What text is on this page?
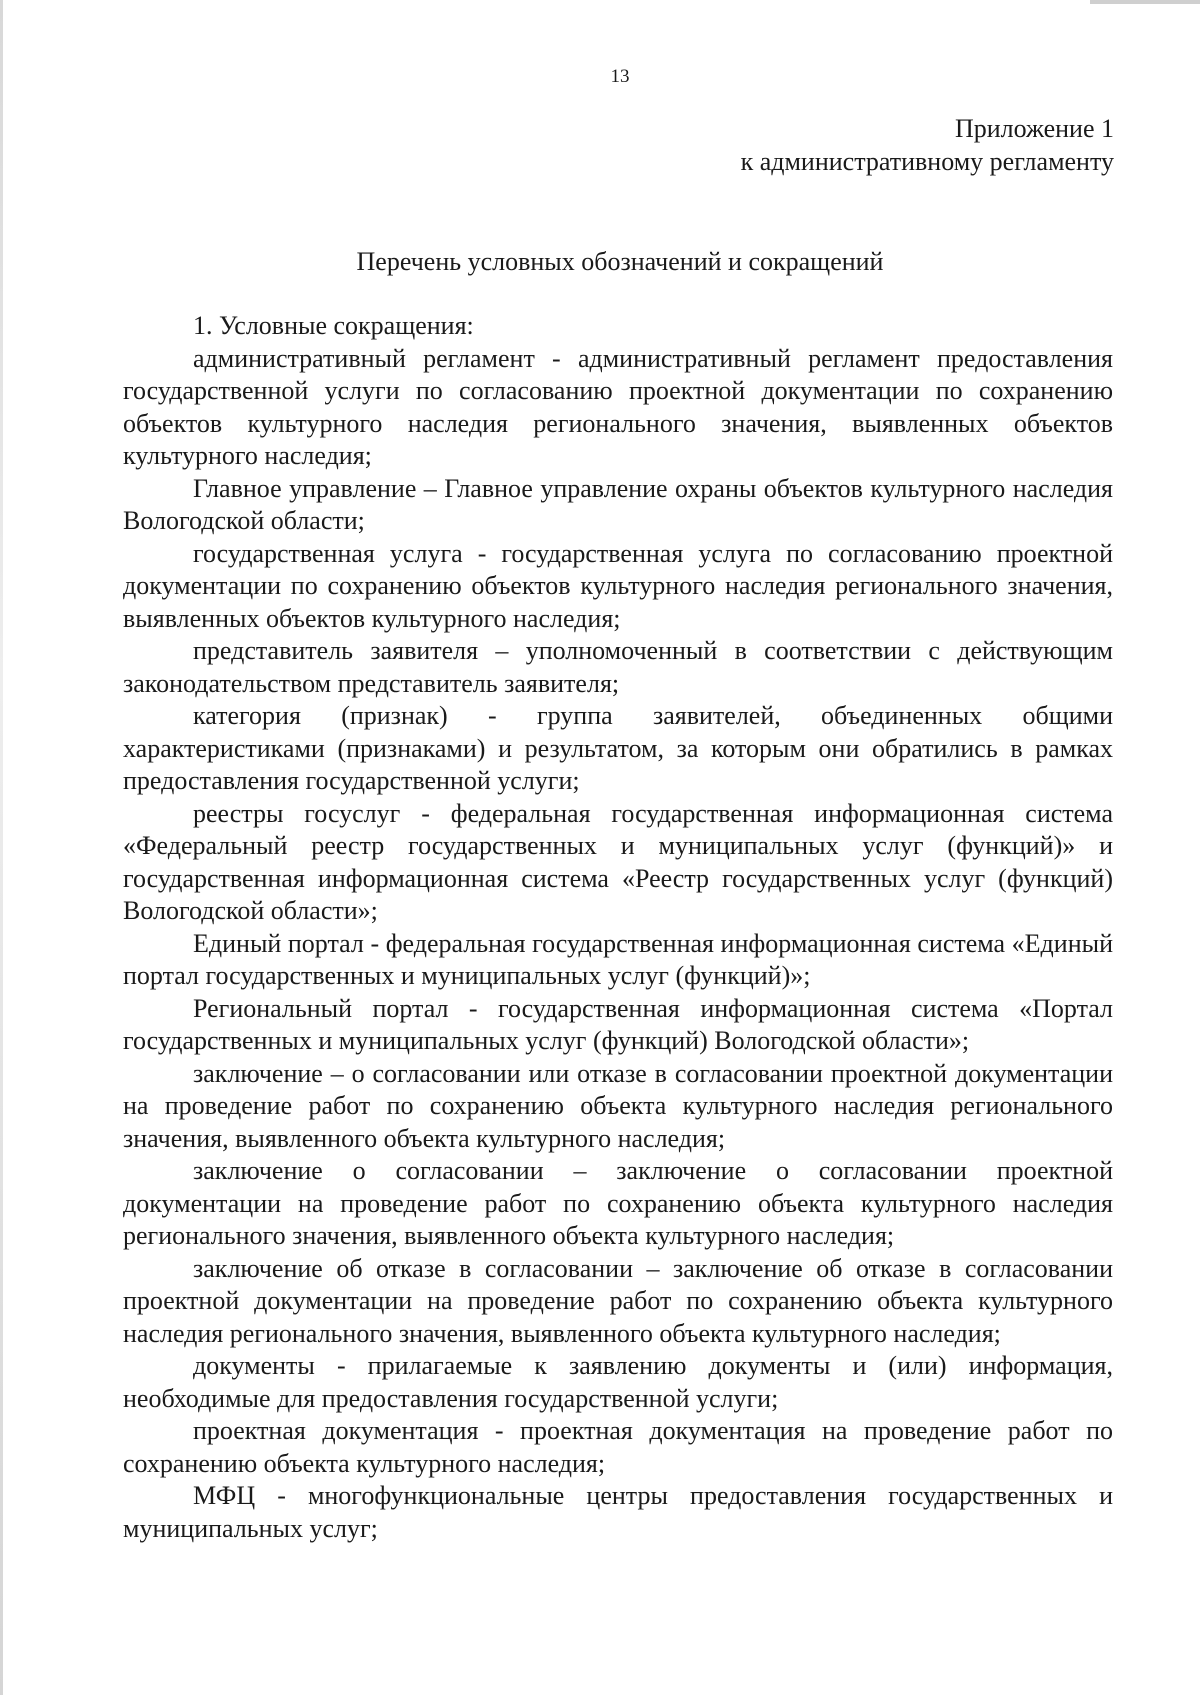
13
Приложение 1
к административному регламенту
Перечень условных обозначений и сокращений

1. Условные сокращения:

административный регламент - административный регламент предоставления государственной услуги по согласованию проектной документации по сохранению объектов культурного наследия регионального значения, выявленных объектов культурного наследия;

Главное управление – Главное управление охраны объектов культурного наследия Вологодской области;

государственная услуга - государственная услуга по согласованию проектной документации по сохранению объектов культурного наследия регионального значения, выявленных объектов культурного наследия;

представитель заявителя – уполномоченный в соответствии с действующим законодательством представитель заявителя;

категория (признак) - группа заявителей, объединенных общими характеристиками (признаками) и результатом, за которым они обратились в рамках предоставления государственной услуги;

реестры госуслуг - федеральная государственная информационная система «Федеральный реестр государственных и муниципальных услуг (функций)» и государственная информационная система «Реестр государственных услуг (функций) Вологодской области»;

Единый портал - федеральная государственная информационная система «Единый портал государственных и муниципальных услуг (функций)»;

Региональный портал - государственная информационная система «Портал государственных и муниципальных услуг (функций) Вологодской области»;

заключение – о согласовании или отказе в согласовании проектной документации на проведение работ по сохранению объекта культурного наследия регионального значения, выявленного объекта культурного наследия;

заключение о согласовании – заключение о согласовании проектной документации на проведение работ по сохранению объекта культурного наследия регионального значения, выявленного объекта культурного наследия;

заключение об отказе в согласовании – заключение об отказе в согласовании проектной документации на проведение работ по сохранению объекта культурного наследия регионального значения, выявленного объекта культурного наследия;

документы - прилагаемые к заявлению документы и (или) информация, необходимые для предоставления государственной услуги;

проектная документация - проектная документация на проведение работ по сохранению объекта культурного наследия;

МФЦ - многофункциональные центры предоставления государственных и муниципальных услуг;
